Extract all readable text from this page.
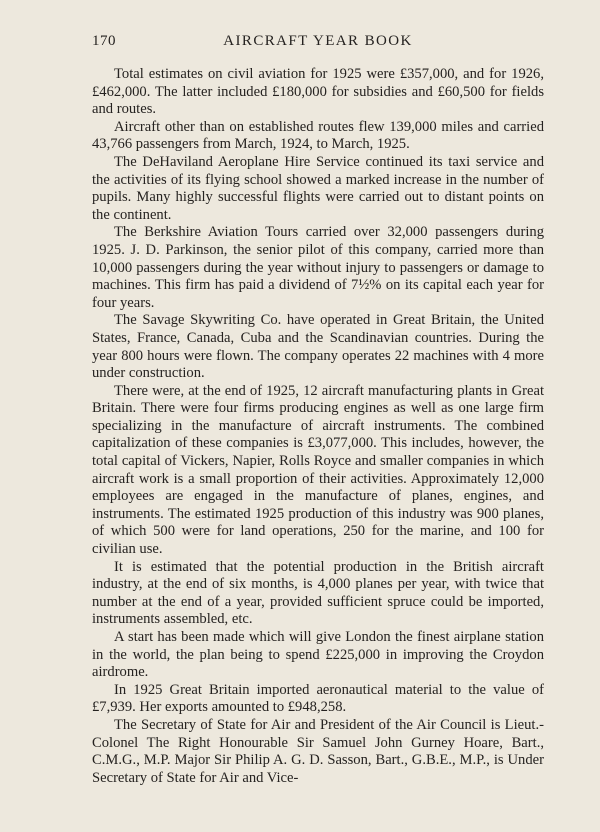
170	AIRCRAFT YEAR BOOK

Total estimates on civil aviation for 1925 were £357,000, and for 1926, £462,000. The latter included £180,000 for subsidies and £60,500 for fields and routes.

Aircraft other than on established routes flew 139,000 miles and carried 43,766 passengers from March, 1924, to March, 1925.

The DeHaviland Aeroplane Hire Service continued its taxi service and the activities of its flying school showed a marked increase in the number of pupils. Many highly successful flights were carried out to distant points on the continent.

The Berkshire Aviation Tours carried over 32,000 passengers during 1925. J. D. Parkinson, the senior pilot of this company, carried more than 10,000 passengers during the year without injury to passengers or damage to machines. This firm has paid a dividend of 7½% on its capital each year for four years.

The Savage Skywriting Co. have operated in Great Britain, the United States, France, Canada, Cuba and the Scandinavian countries. During the year 800 hours were flown. The company operates 22 machines with 4 more under construction.

There were, at the end of 1925, 12 aircraft manufacturing plants in Great Britain. There were four firms producing engines as well as one large firm specializing in the manufacture of aircraft instruments. The combined capitalization of these companies is £3,077,000. This includes, however, the total capital of Vickers, Napier, Rolls Royce and smaller companies in which aircraft work is a small proportion of their activities. Approximately 12,000 employees are engaged in the manufacture of planes, engines, and instruments. The estimated 1925 production of this industry was 900 planes, of which 500 were for land operations, 250 for the marine, and 100 for civilian use.

It is estimated that the potential production in the British aircraft industry, at the end of six months, is 4,000 planes per year, with twice that number at the end of a year, provided sufficient spruce could be imported, instruments assembled, etc.

A start has been made which will give London the finest airplane station in the world, the plan being to spend £225,000 in improving the Croydon airdrome.

In 1925 Great Britain imported aeronautical material to the value of £7,939. Her exports amounted to £948,258.

The Secretary of State for Air and President of the Air Council is Lieut.-Colonel The Right Honourable Sir Samuel John Gurney Hoare, Bart., C.M.G., M.P. Major Sir Philip A. G. D. Sasson, Bart., G.B.E., M.P., is Under Secretary of State for Air and Vice-
